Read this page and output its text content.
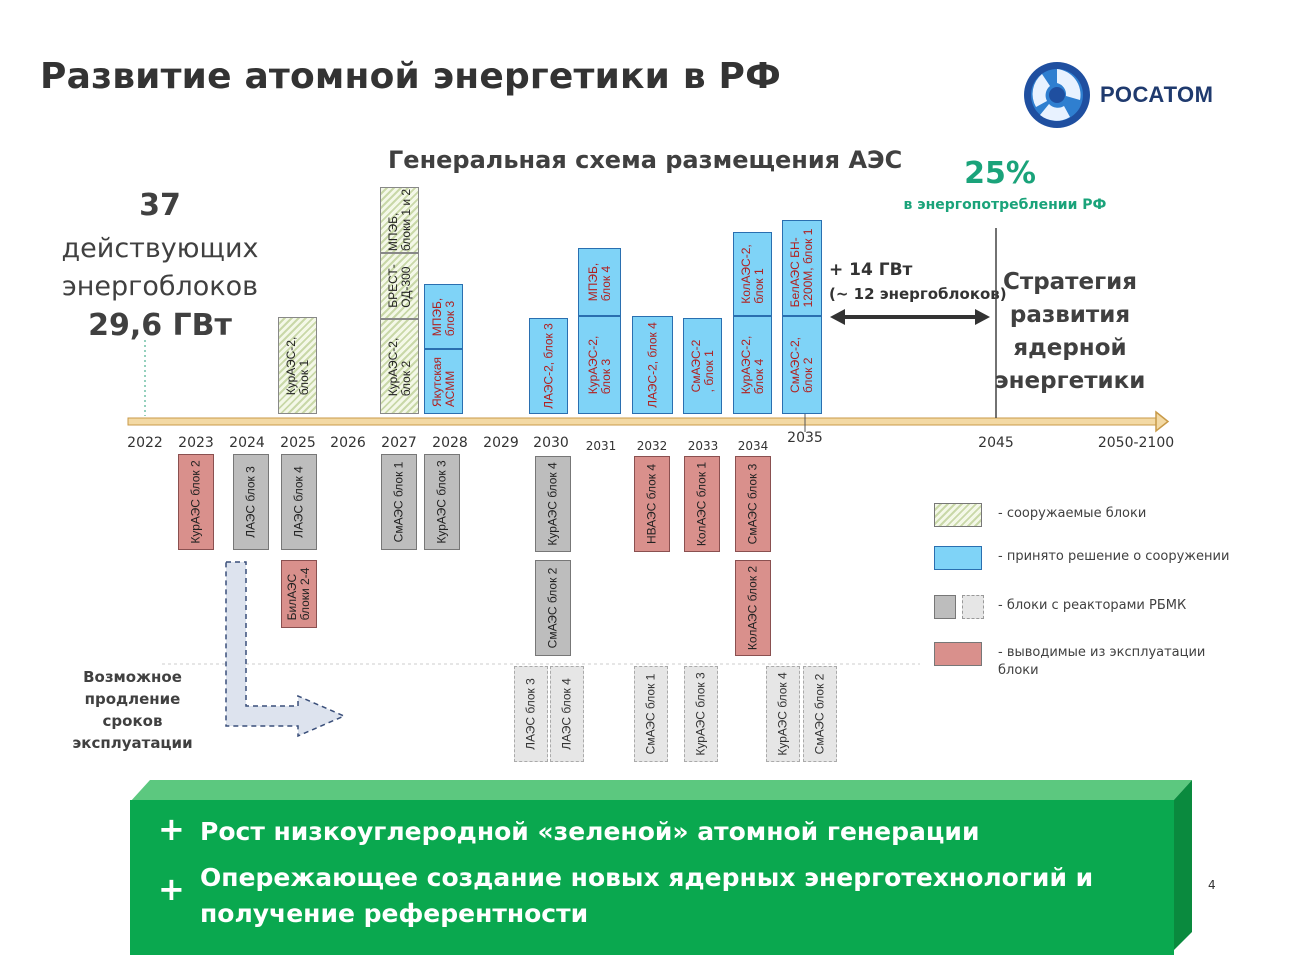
Развитие атомной энергетики в РФ	РОСАТОМ
Генеральная схема размещения АЭС
37
действующих
энергоблоков
29,6 ГВт
25%
в энергопотреблении РФ
+ 14 ГВт
(~ 12 энергоблоков)
Стратегия
развития
ядерной
энергетики
2022 2023 2024 2025 2026 2027 2028 2029 2030 2031 2032 2033 2034 2035	2045	2050-2100
КурАЭС-2,
блок 1
МПЭБ,
блоки 1 и 2
БРЕСТ-
ОД-300
КурАЭС-2,
блок 2
МПЭБ,
блок 3
Якутская
АСММ	ЛАЭС-2, блок 3
МПЭБ,
блок 4
КурАЭС-2,
блок 3	ЛАЭС-2, блок 4 СмАЭС-2
, блок 1
КолАЭС-2,
блок 1
КурАЭС-2,
блок 4
БелАЭС БН-
1200М, блок 1
СмАЭС-2,
блок 2
КурАЭС блок 2	ЛАЭС блок 3	ЛАЭС блок 4
БилАЭС
блоки 2-4
СмАЭС блок 1 КурАЭС блок 3	КурАЭС блок 4
СмАЭС блок 2
НВАЭС блок 4	КолАЭС блок 1	СмАЭС блок 3
КолАЭС блок 2
ЛАЭС блок 3 ЛАЭС блок 4	СмАЭС блок 1	КурАЭС блок 3	КурАЭС блок 4 СмАЭС блок 2
Возможное
продление
сроков
эксплуатации
- сооружаемые блоки
- принято решение о сооружении
- блоки с реакторами РБМК
- выводимые из эксплуатации
блоки
+ Рост низкоуглеродной «зеленой» атомной генерации
+ Опережающее создание новых ядерных энерготехнологий и
получение референтности
4
